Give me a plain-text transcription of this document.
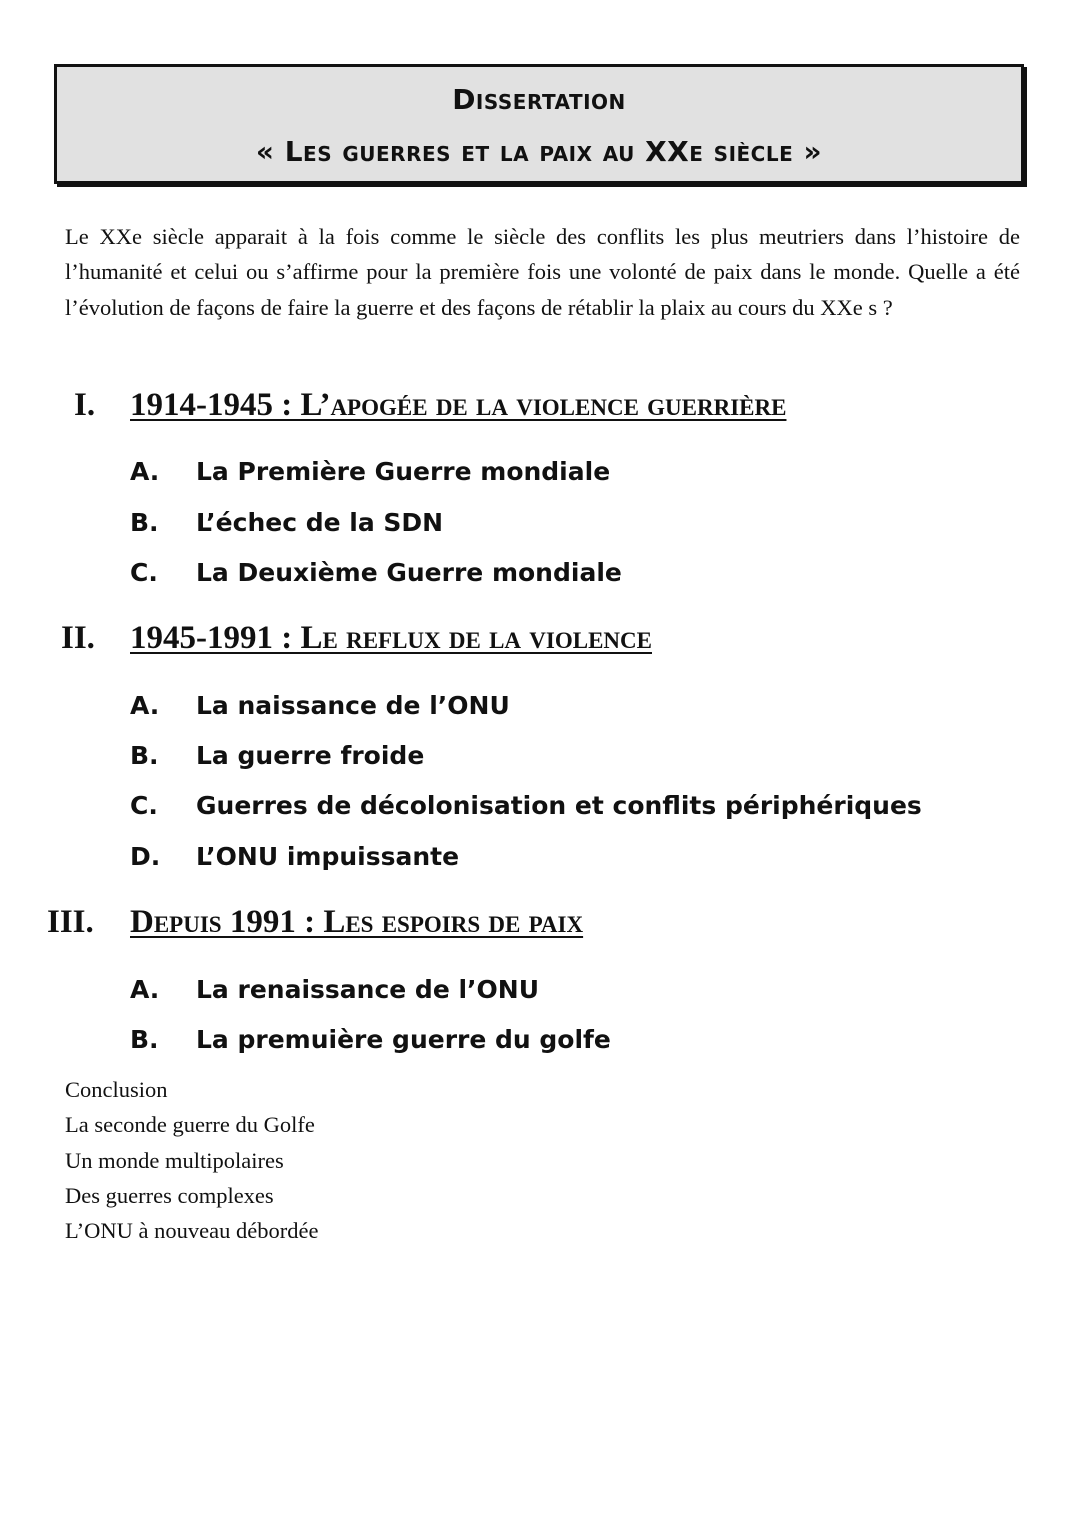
Dissertation
« Les guerres et la paix au XXe siècle »

Le XXe siècle apparait à la fois comme le siècle des conflits les plus meutriers dans l’histoire de l’humanité et celui ou s’affirme pour la première fois une volonté de paix dans le monde. Quelle a été l’évolution de façons de faire la guerre et des façons de rétablir la plaix au cours du XXe s ?

I. 1914-1945 : L’apogée de la violence guerrière
A. La Première Guerre mondiale
B. L’échec de la SDN
C. La Deuxième Guerre mondiale
II. 1945-1991 : Le reflux de la violence
A. La naissance de l’ONU
B. La guerre froide
C. Guerres de décolonisation et conflits périphériques
D. L’ONU impuissante
III. Depuis 1991 : Les espoirs de paix
A. La renaissance de l’ONU
B. La premuière guerre du golfe
Conclusion
La seconde guerre du Golfe
Un monde multipolaires
Des guerres complexes
L’ONU à nouveau débordée
